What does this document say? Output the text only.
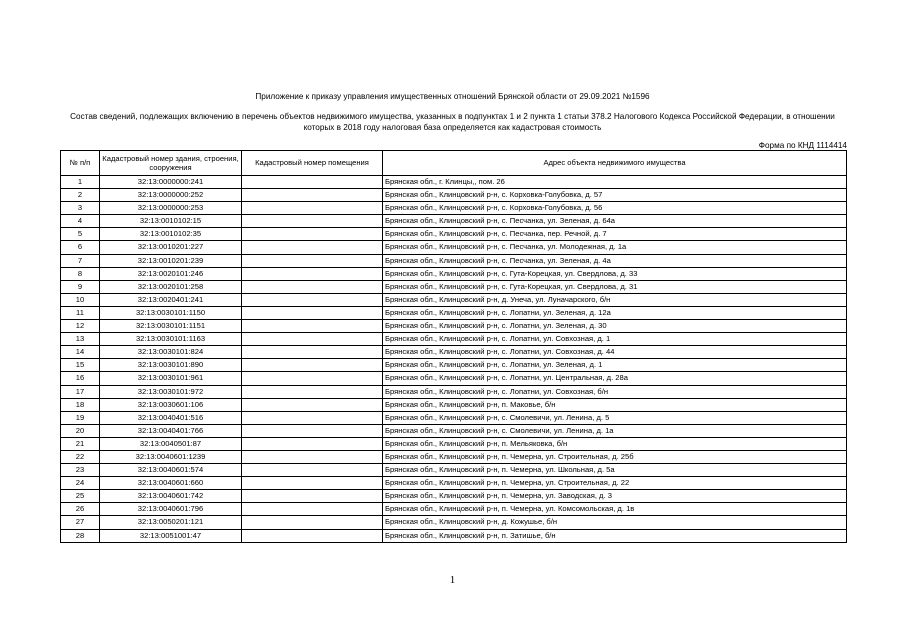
Приложение к приказу управления имущественных отношений Брянской области от 29.09.2021 №1596
Состав сведений, подлежащих включению в перечень объектов недвижимого имущества, указанных в подпунктах 1 и 2 пункта 1 статьи 378.2 Налогового Кодекса Российской Федерации, в отношении которых в 2018 году налоговая база определяется как кадастровая стоимость
Форма по КНД 1114414
№ п/п	Кадастровый номер здания, строения, сооружения	Кадастровый номер помещения	Адрес объекта недвижимого имущества
1	32:13:0000000:241		Брянская обл., г. Клинцы,, пом. 26
2	32:13:0000000:252		Брянская обл., Клинцовский р-н, с. Корховка-Голубовка, д. 57
3	32:13:0000000:253		Брянская обл., Клинцовский р-н, с. Корховка-Голубовка, д. 56
4	32:13:0010102:15		Брянская обл., Клинцовский р-н, с. Песчанка, ул. Зеленая, д. 64а
5	32:13:0010102:35		Брянская обл., Клинцовский р-н, с. Песчанка, пер. Речной, д. 7
6	32:13:0010201:227		Брянская обл., Клинцовский р-н, с. Песчанка, ул. Молодежная, д. 1а
7	32:13:0010201:239		Брянская обл., Клинцовский р-н, с. Песчанка, ул. Зеленая, д. 4а
8	32:13:0020101:246		Брянская обл., Клинцовский р-н, с. Гута-Корецкая, ул. Свердлова, д. 33
9	32:13:0020101:258		Брянская обл., Клинцовский р-н, с. Гута-Корецкая, ул. Свердлова, д. 31
10	32:13:0020401:241		Брянская обл., Клинцовский р-н, д. Унеча, ул. Луначарского, б/н
11	32:13:0030101:1150		Брянская обл., Клинцовский р-н, с. Лопатни, ул. Зеленая, д. 12а
12	32:13:0030101:1151		Брянская обл., Клинцовский р-н, с. Лопатни, ул. Зеленая, д. 30
13	32:13:0030101:1163		Брянская обл., Клинцовский р-н, с. Лопатни, ул. Совхозная, д. 1
14	32:13:0030101:824		Брянская обл., Клинцовский р-н, с. Лопатни, ул. Совхозная, д. 44
15	32:13:0030101:890		Брянская обл., Клинцовский р-н, с. Лопатни, ул. Зеленая, д. 1
16	32:13:0030101:961		Брянская обл., Клинцовский р-н, с. Лопатни, ул. Центральная, д. 28а
17	32:13:0030101:972		Брянская обл., Клинцовский р-н, с. Лопатни, ул. Совхозная, б/н
18	32:13:0030601:106		Брянская обл., Клинцовский р-н, п. Маковье, б/н
19	32:13:0040401:516		Брянская обл., Клинцовский р-н, с. Смолевичи, ул. Ленина, д. 5
20	32:13:0040401:766		Брянская обл., Клинцовский р-н, с. Смолевичи, ул. Ленина, д. 1а
21	32:13:0040501:87		Брянская обл., Клинцовский р-н, п. Мельяковка, б/н
22	32:13:0040601:1239		Брянская обл., Клинцовский р-н, п. Чемерна, ул. Строительная, д. 25б
23	32:13:0040601:574		Брянская обл., Клинцовский р-н, п. Чемерна, ул. Школьная, д. 5а
24	32:13:0040601:660		Брянская обл., Клинцовский р-н, п. Чемерна, ул. Строительная, д. 22
25	32:13:0040601:742		Брянская обл., Клинцовский р-н, п. Чемерна, ул. Заводская, д. 3
26	32:13:0040601:796		Брянская обл., Клинцовский р-н, п. Чемерна, ул. Комсомольская, д. 1в
27	32:13:0050201:121		Брянская обл., Клинцовский р-н, д. Кожушье, б/н
28	32:13:0051001:47		Брянская обл., Клинцовский р-н, п. Затишье, б/н
1
